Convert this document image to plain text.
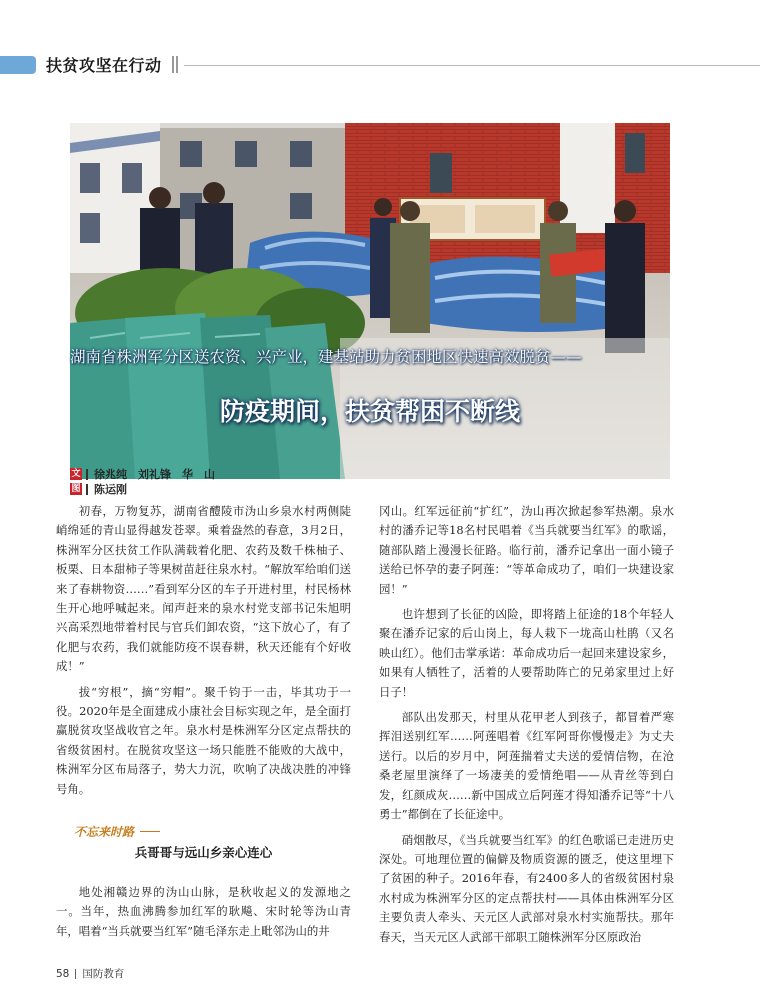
扶贫攻坚在行动
湖南省株洲军分区送农资、兴产业，建基站助力贫困地区快速高效脱贫——
防疫期间，扶贫帮困不断线
文 徐兆纯　刘礼锋　华　山
图 陈运刚

初春，万物复苏，湖南省醴陵市沩山乡泉水村两侧陡峭绵延的青山显得越发苍翠。乘着盎然的春意，3月2日，株洲军分区扶贫工作队满载着化肥、农药及数千株柚子、板栗、日本甜柿子等果树苗赶往泉水村。“解放军给咱们送来了春耕物资……”看到军分区的车子开进村里，村民杨林生开心地呼喊起来。闻声赶来的泉水村党支部书记朱旭明兴高采烈地带着村民与官兵们卸农资，“这下放心了，有了化肥与农药，我们就能防疫不误春耕，秋天还能有个好收成！”

拔“穷根”，摘“穷帽”。聚千钧于一击，毕其功于一役。2020年是全面建成小康社会目标实现之年，是全面打赢脱贫攻坚战收官之年。泉水村是株洲军分区定点帮扶的省级贫困村。在脱贫攻坚这一场只能胜不能败的大战中，株洲军分区布局落子，势大力沉，吹响了决战决胜的冲锋号角。

不忘来时路
兵哥哥与远山乡亲心连心

地处湘赣边界的沩山山脉，是秋收起义的发源地之一。当年，热血沸腾参加红军的耿飚、宋时轮等沩山青年，唱着“当兵就要当红军”随毛泽东走上毗邻沩山的井

冈山。红军远征前“扩红”，沩山再次掀起参军热潮。泉水村的潘乔记等18名村民唱着《当兵就要当红军》的歌谣，随部队踏上漫漫长征路。临行前，潘乔记拿出一面小镜子送给已怀孕的妻子阿莲：“等革命成功了，咱们一块建设家园！”

也许想到了长征的凶险，即将踏上征途的18个年轻人聚在潘乔记家的后山岗上，每人栽下一垅高山杜鹃（又名映山红）。他们击掌承诺：革命成功后一起回来建设家乡，如果有人牺牲了，活着的人要帮助阵亡的兄弟家里过上好日子！

部队出发那天，村里从花甲老人到孩子，都冒着严寒挥泪送别红军……阿莲唱着《红军阿哥你慢慢走》为丈夫送行。以后的岁月中，阿莲揣着丈夫送的爱情信物，在沧桑老屋里演绎了一场凄美的爱情绝唱——从青丝等到白发，红颜成灰……新中国成立后阿莲才得知潘乔记等“十八勇士”都倒在了长征途中。

硝烟散尽，《当兵就要当红军》的红色歌谣已走进历史深处。可地理位置的偏僻及物质资源的匮乏，使这里埋下了贫困的种子。2016年春，有2400多人的省级贫困村泉水村成为株洲军分区的定点帮扶村——具体由株洲军分区主要负责人牵头、天元区人武部对泉水村实施帮扶。那年春天，当天元区人武部干部职工随株洲军分区原政治

58 国防教育
